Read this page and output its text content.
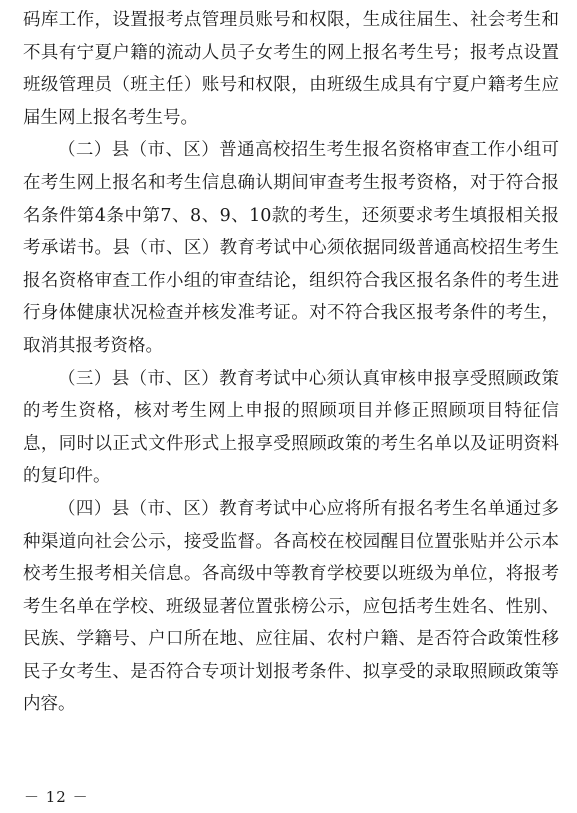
码库工作，设置报考点管理员账号和权限，生成往届生、社会考生和不具有宁夏户籍的流动人员子女考生的网上报名考生号；报考点设置班级管理员（班主任）账号和权限，由班级生成具有宁夏户籍考生应届生网上报名考生号。

（二）县（市、区）普通高校招生考生报名资格审查工作小组可在考生网上报名和考生信息确认期间审查考生报考资格，对于符合报名条件第4条中第7、8、9、10款的考生，还须要求考生填报相关报考承诺书。县（市、区）教育考试中心须依据同级普通高校招生考生报名资格审查工作小组的审查结论，组织符合我区报名条件的考生进行身体健康状况检查并核发准考证。对不符合我区报考条件的考生，取消其报考资格。

（三）县（市、区）教育考试中心须认真审核申报享受照顾政策的考生资格，核对考生网上申报的照顾项目并修正照顾项目特征信息，同时以正式文件形式上报享受照顾政策的考生名单以及证明资料的复印件。

（四）县（市、区）教育考试中心应将所有报名考生名单通过多种渠道向社会公示，接受监督。各高校在校园醒目位置张贴并公示本校考生报考相关信息。各高级中等教育学校要以班级为单位，将报考考生名单在学校、班级显著位置张榜公示，应包括考生姓名、性别、民族、学籍号、户口所在地、应往届、农村户籍、是否符合政策性移民子女考生、是否符合专项计划报考条件、拟享受的录取照顾政策等内容。

－ 12 －
